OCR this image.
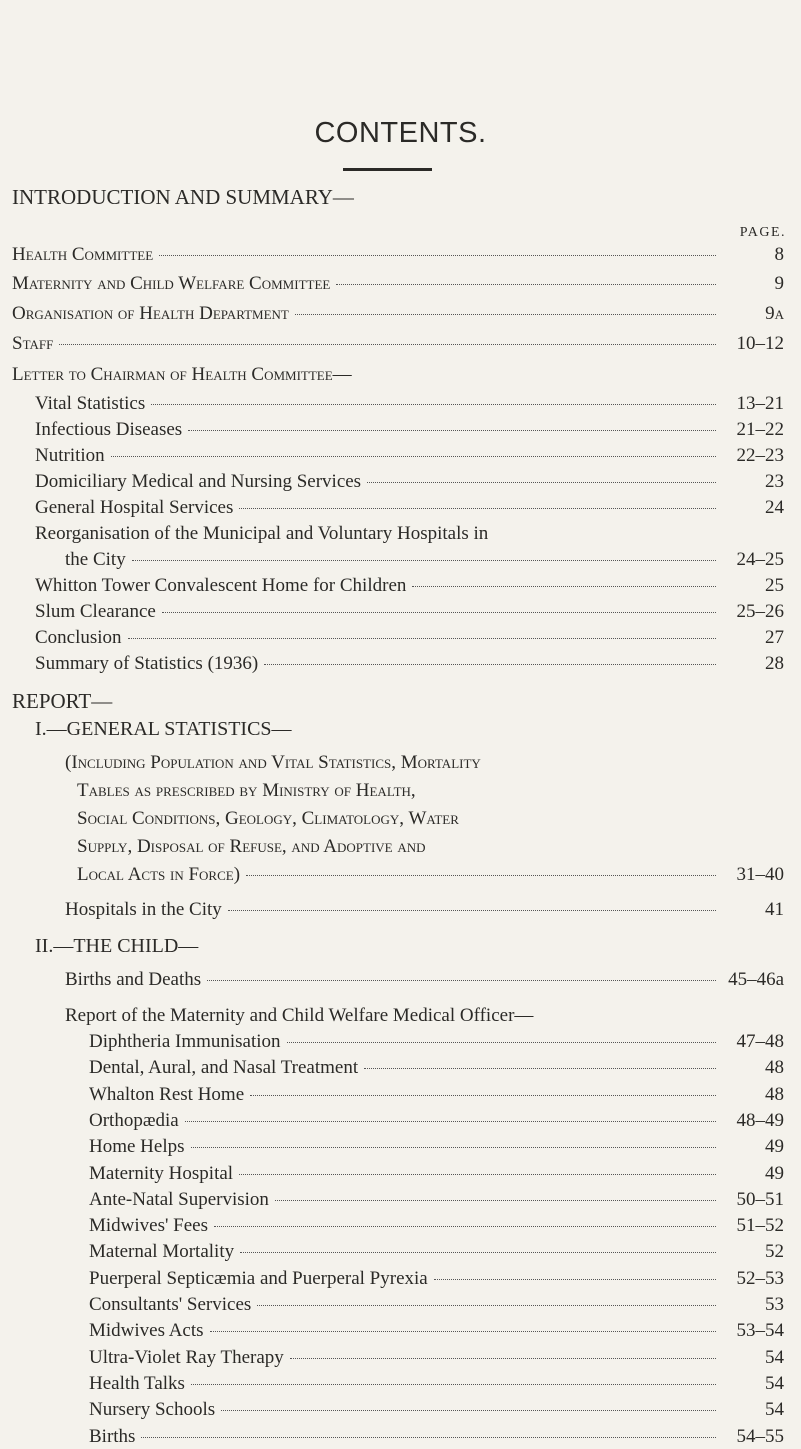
CONTENTS.
INTRODUCTION AND SUMMARY—
PAGE.
Health Committee	8
Maternity and Child Welfare Committee	9
Organisation of Health Department	9a
Staff	10–12
Letter to Chairman of Health Committee—
Vital Statistics	13–21
Infectious Diseases	21–22
Nutrition	22–23
Domiciliary Medical and Nursing Services	23
General Hospital Services	24
Reorganisation of the Municipal and Voluntary Hospitals in
the City	24–25
Whitton Tower Convalescent Home for Children	25
Slum Clearance	25–26
Conclusion	27
Summary of Statistics (1936)	28
REPORT—
I.—GENERAL STATISTICS—
(Including Population and Vital Statistics, Mortality
Tables as prescribed by Ministry of Health,
Social Conditions, Geology, Climatology, Water
Supply, Disposal of Refuse, and Adoptive and
Local Acts in Force)	31–40
Hospitals in the City	41
II.—THE CHILD—
Births and Deaths	45–46a
Report of the Maternity and Child Welfare Medical Officer—
Diphtheria Immunisation	47–48
Dental, Aural, and Nasal Treatment	48
Whalton Rest Home	48
Orthopædia	48–49
Home Helps	49
Maternity Hospital	49
Ante-Natal Supervision	50–51
Midwives' Fees	51–52
Maternal Mortality	52
Puerperal Septicæmia and Puerperal Pyrexia	52–53
Consultants' Services	53
Midwives Acts	53–54
Ultra-Violet Ray Therapy	54
Health Talks	54
Nursery Schools	54
Births	54–55
